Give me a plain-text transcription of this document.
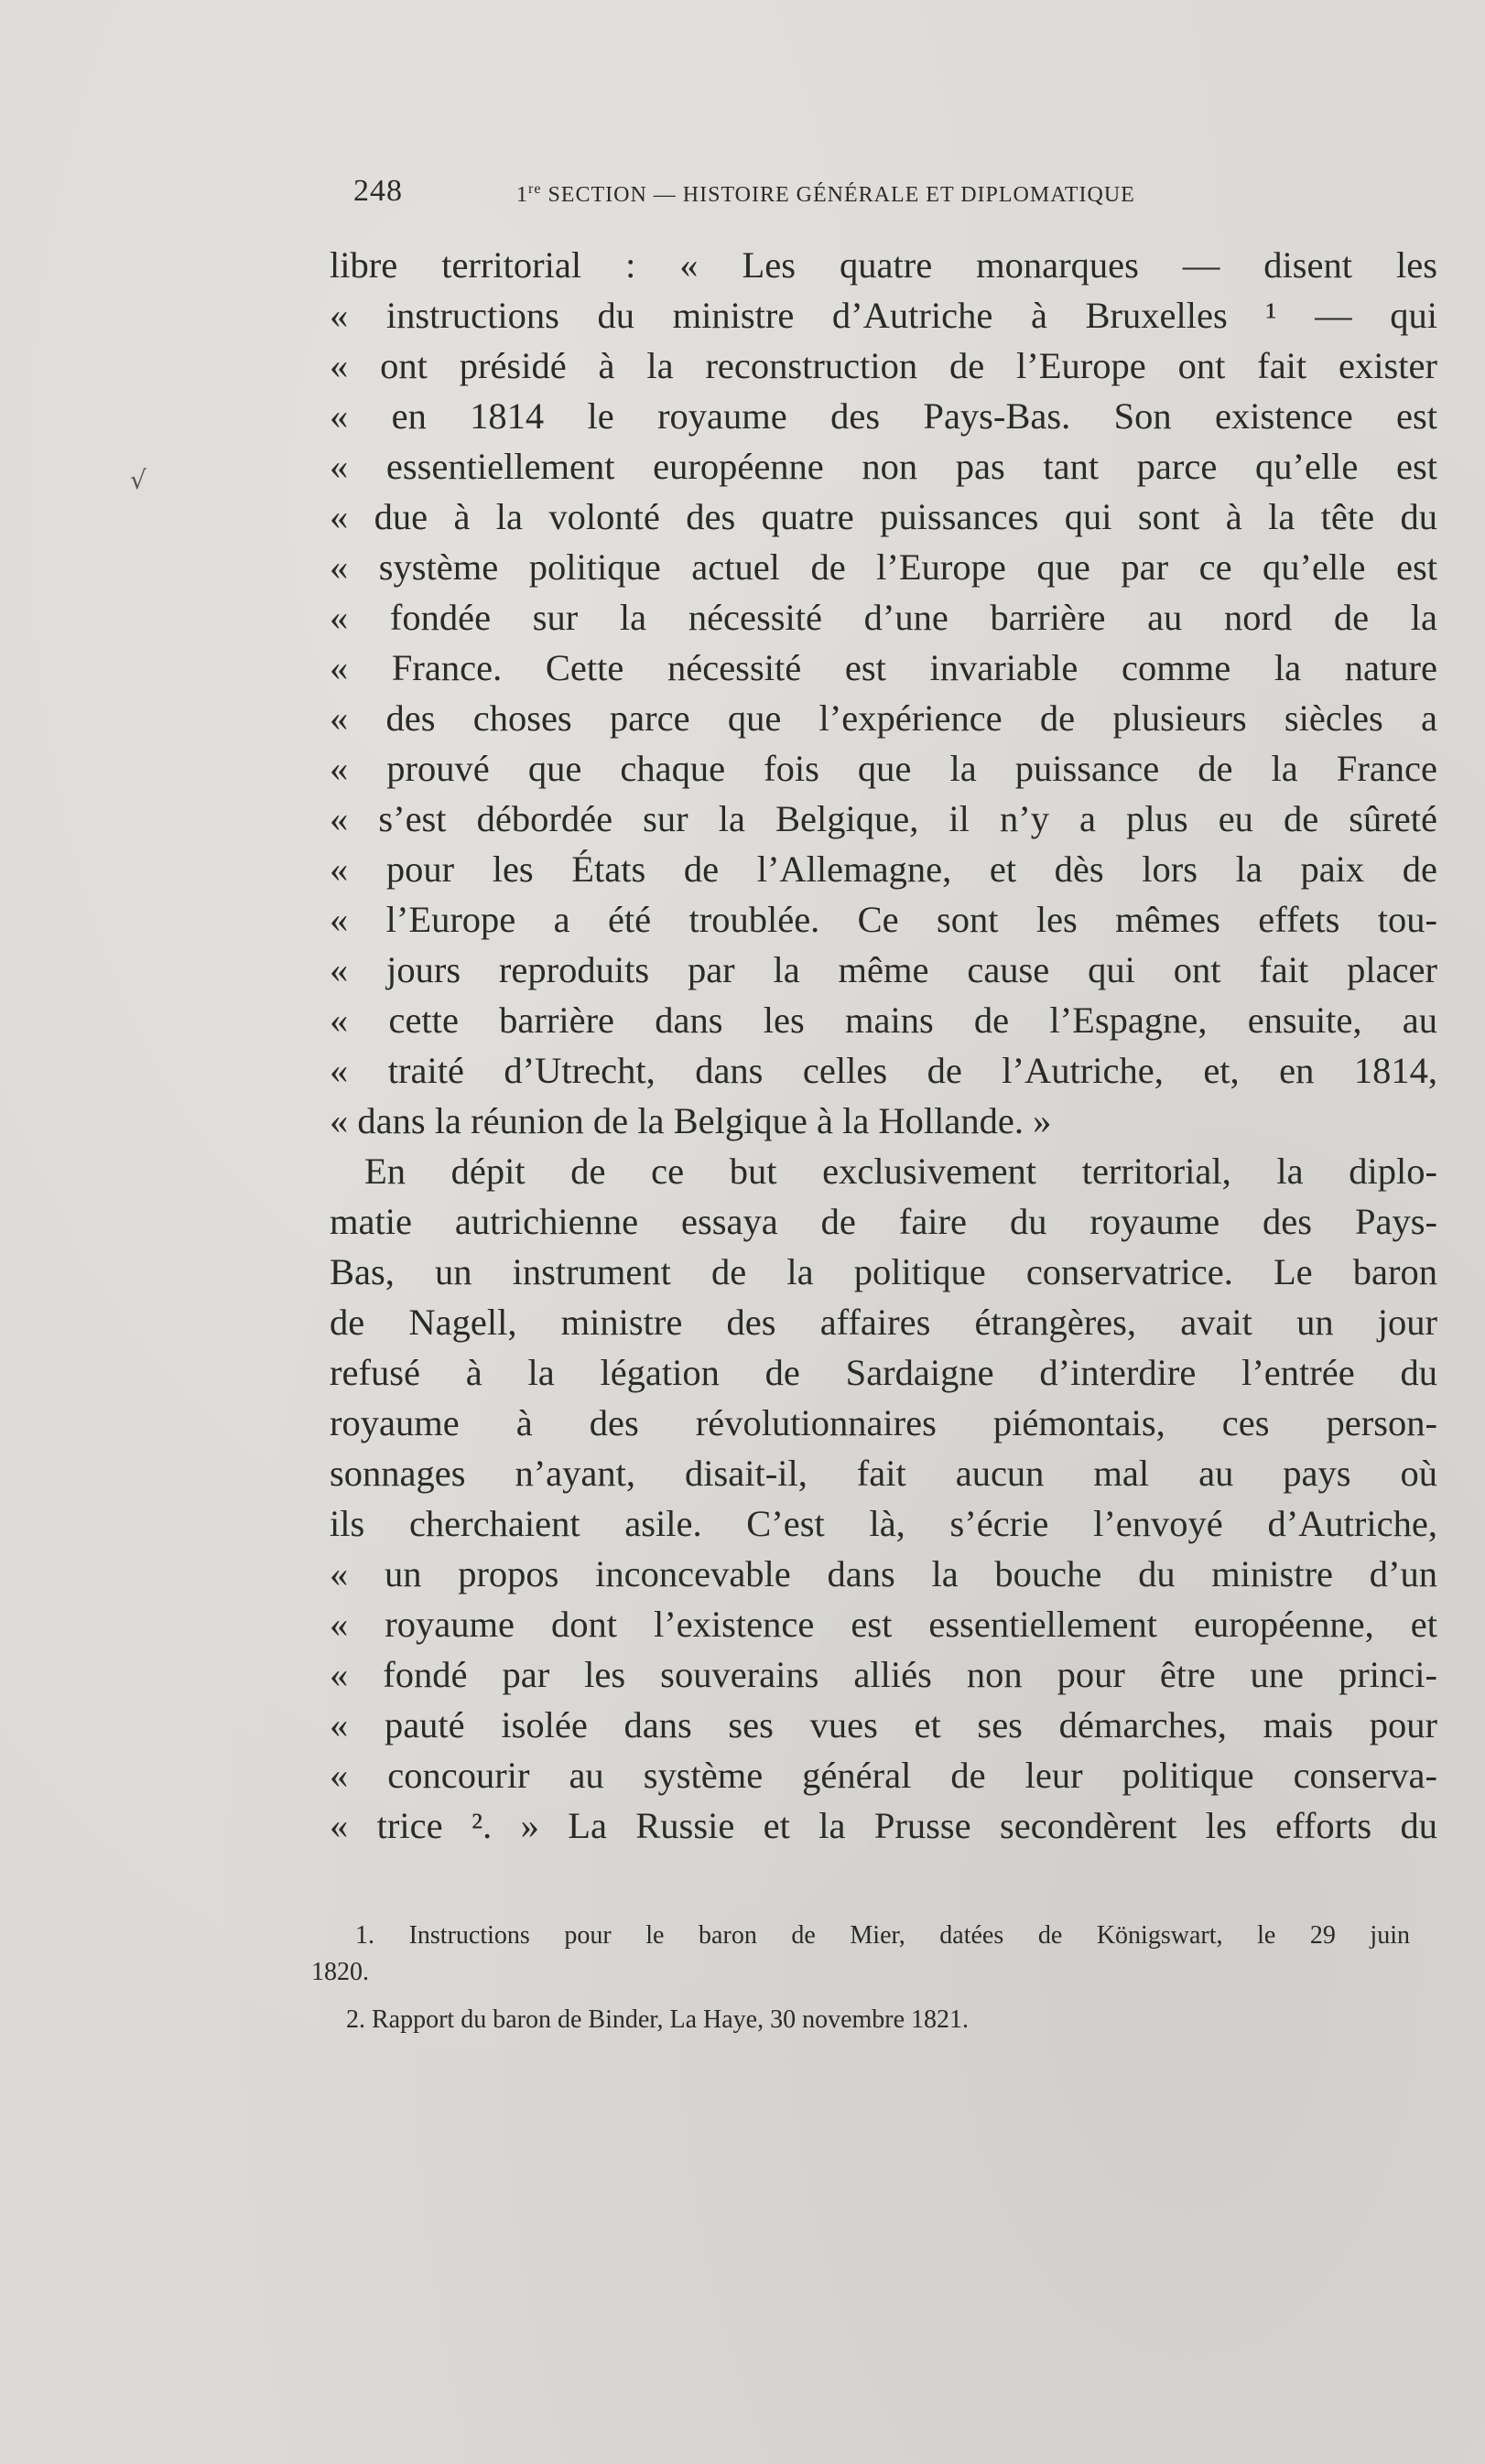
√
248	1re SECTION — HISTOIRE GÉNÉRALE ET DIPLOMATIQUE
libre territorial : « Les quatre monarques — disent les
« instructions du ministre d’Autriche à Bruxelles ¹ — qui
« ont présidé à la reconstruction de l’Europe ont fait exister
« en 1814 le royaume des Pays-Bas. Son existence est
« essentiellement européenne non pas tant parce qu’elle est
« due à la volonté des quatre puissances qui sont à la tête du
« système politique actuel de l’Europe que par ce qu’elle est
« fondée sur la nécessité d’une barrière au nord de la
« France. Cette nécessité est invariable comme la nature
« des choses parce que l’expérience de plusieurs siècles a
« prouvé que chaque fois que la puissance de la France
« s’est débordée sur la Belgique, il n’y a plus eu de sûreté
« pour les États de l’Allemagne, et dès lors la paix de
« l’Europe a été troublée. Ce sont les mêmes effets tou-
« jours reproduits par la même cause qui ont fait placer
« cette barrière dans les mains de l’Espagne, ensuite, au
« traité d’Utrecht, dans celles de l’Autriche, et, en 1814,
« dans la réunion de la Belgique à la Hollande. »
En dépit de ce but exclusivement territorial, la diplo-
matie autrichienne essaya de faire du royaume des Pays-
Bas, un instrument de la politique conservatrice. Le baron
de Nagell, ministre des affaires étrangères, avait un jour
refusé à la légation de Sardaigne d’interdire l’entrée du
royaume à des révolutionnaires piémontais, ces person-
sonnages n’ayant, disait-il, fait aucun mal au pays où
ils cherchaient asile. C’est là, s’écrie l’envoyé d’Autriche,
« un propos inconcevable dans la bouche du ministre d’un
« royaume dont l’existence est essentiellement européenne, et
« fondé par les souverains alliés non pour être une princi-
« pauté isolée dans ses vues et ses démarches, mais pour
« concourir au système général de leur politique conserva-
« trice ². » La Russie et la Prusse secondèrent les efforts du
1. Instructions pour le baron de Mier, datées de Königswart, le 29 juin
1820.
2. Rapport du baron de Binder, La Haye, 30 novembre 1821.
